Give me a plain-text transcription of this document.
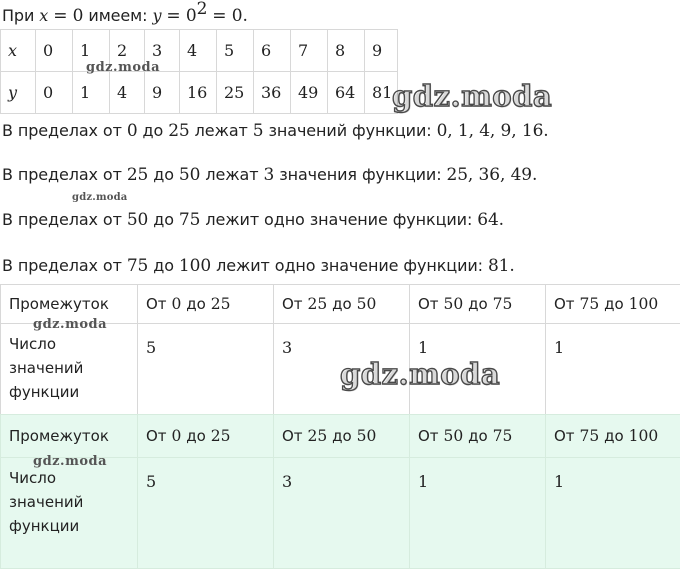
При x = 0 имеем: $y = 0^2 = 0$.
x	0	1	2	3	4	5	6	7	8	9
y	0	1	4	9	16	25	36	49	64	81
В пределах от 0 до 25 лежат 5 значений функции: 0, 1, 4, 9, 16.
В пределах от 25 до 50 лежат 3 значения функции: 25, 36, 49.
В пределах от 50 до 75 лежит одно значение функции: 64.
В пределах от 75 до 100 лежит одно значение функции: 81.
Промежуток	От 0 до 25	От 25 до 50	От 50 до 75	От 75 до 100
Число
значений
функции	5	3	1	1
Промежуток	От 0 до 25	От 25 до 50	От 50 до 75	От 75 до 100
Число
значений
функции	5	3	1	1
gdz.moda
gdz.moda
gdz.moda
gdz.moda
gdz.moda
gdz.moda
